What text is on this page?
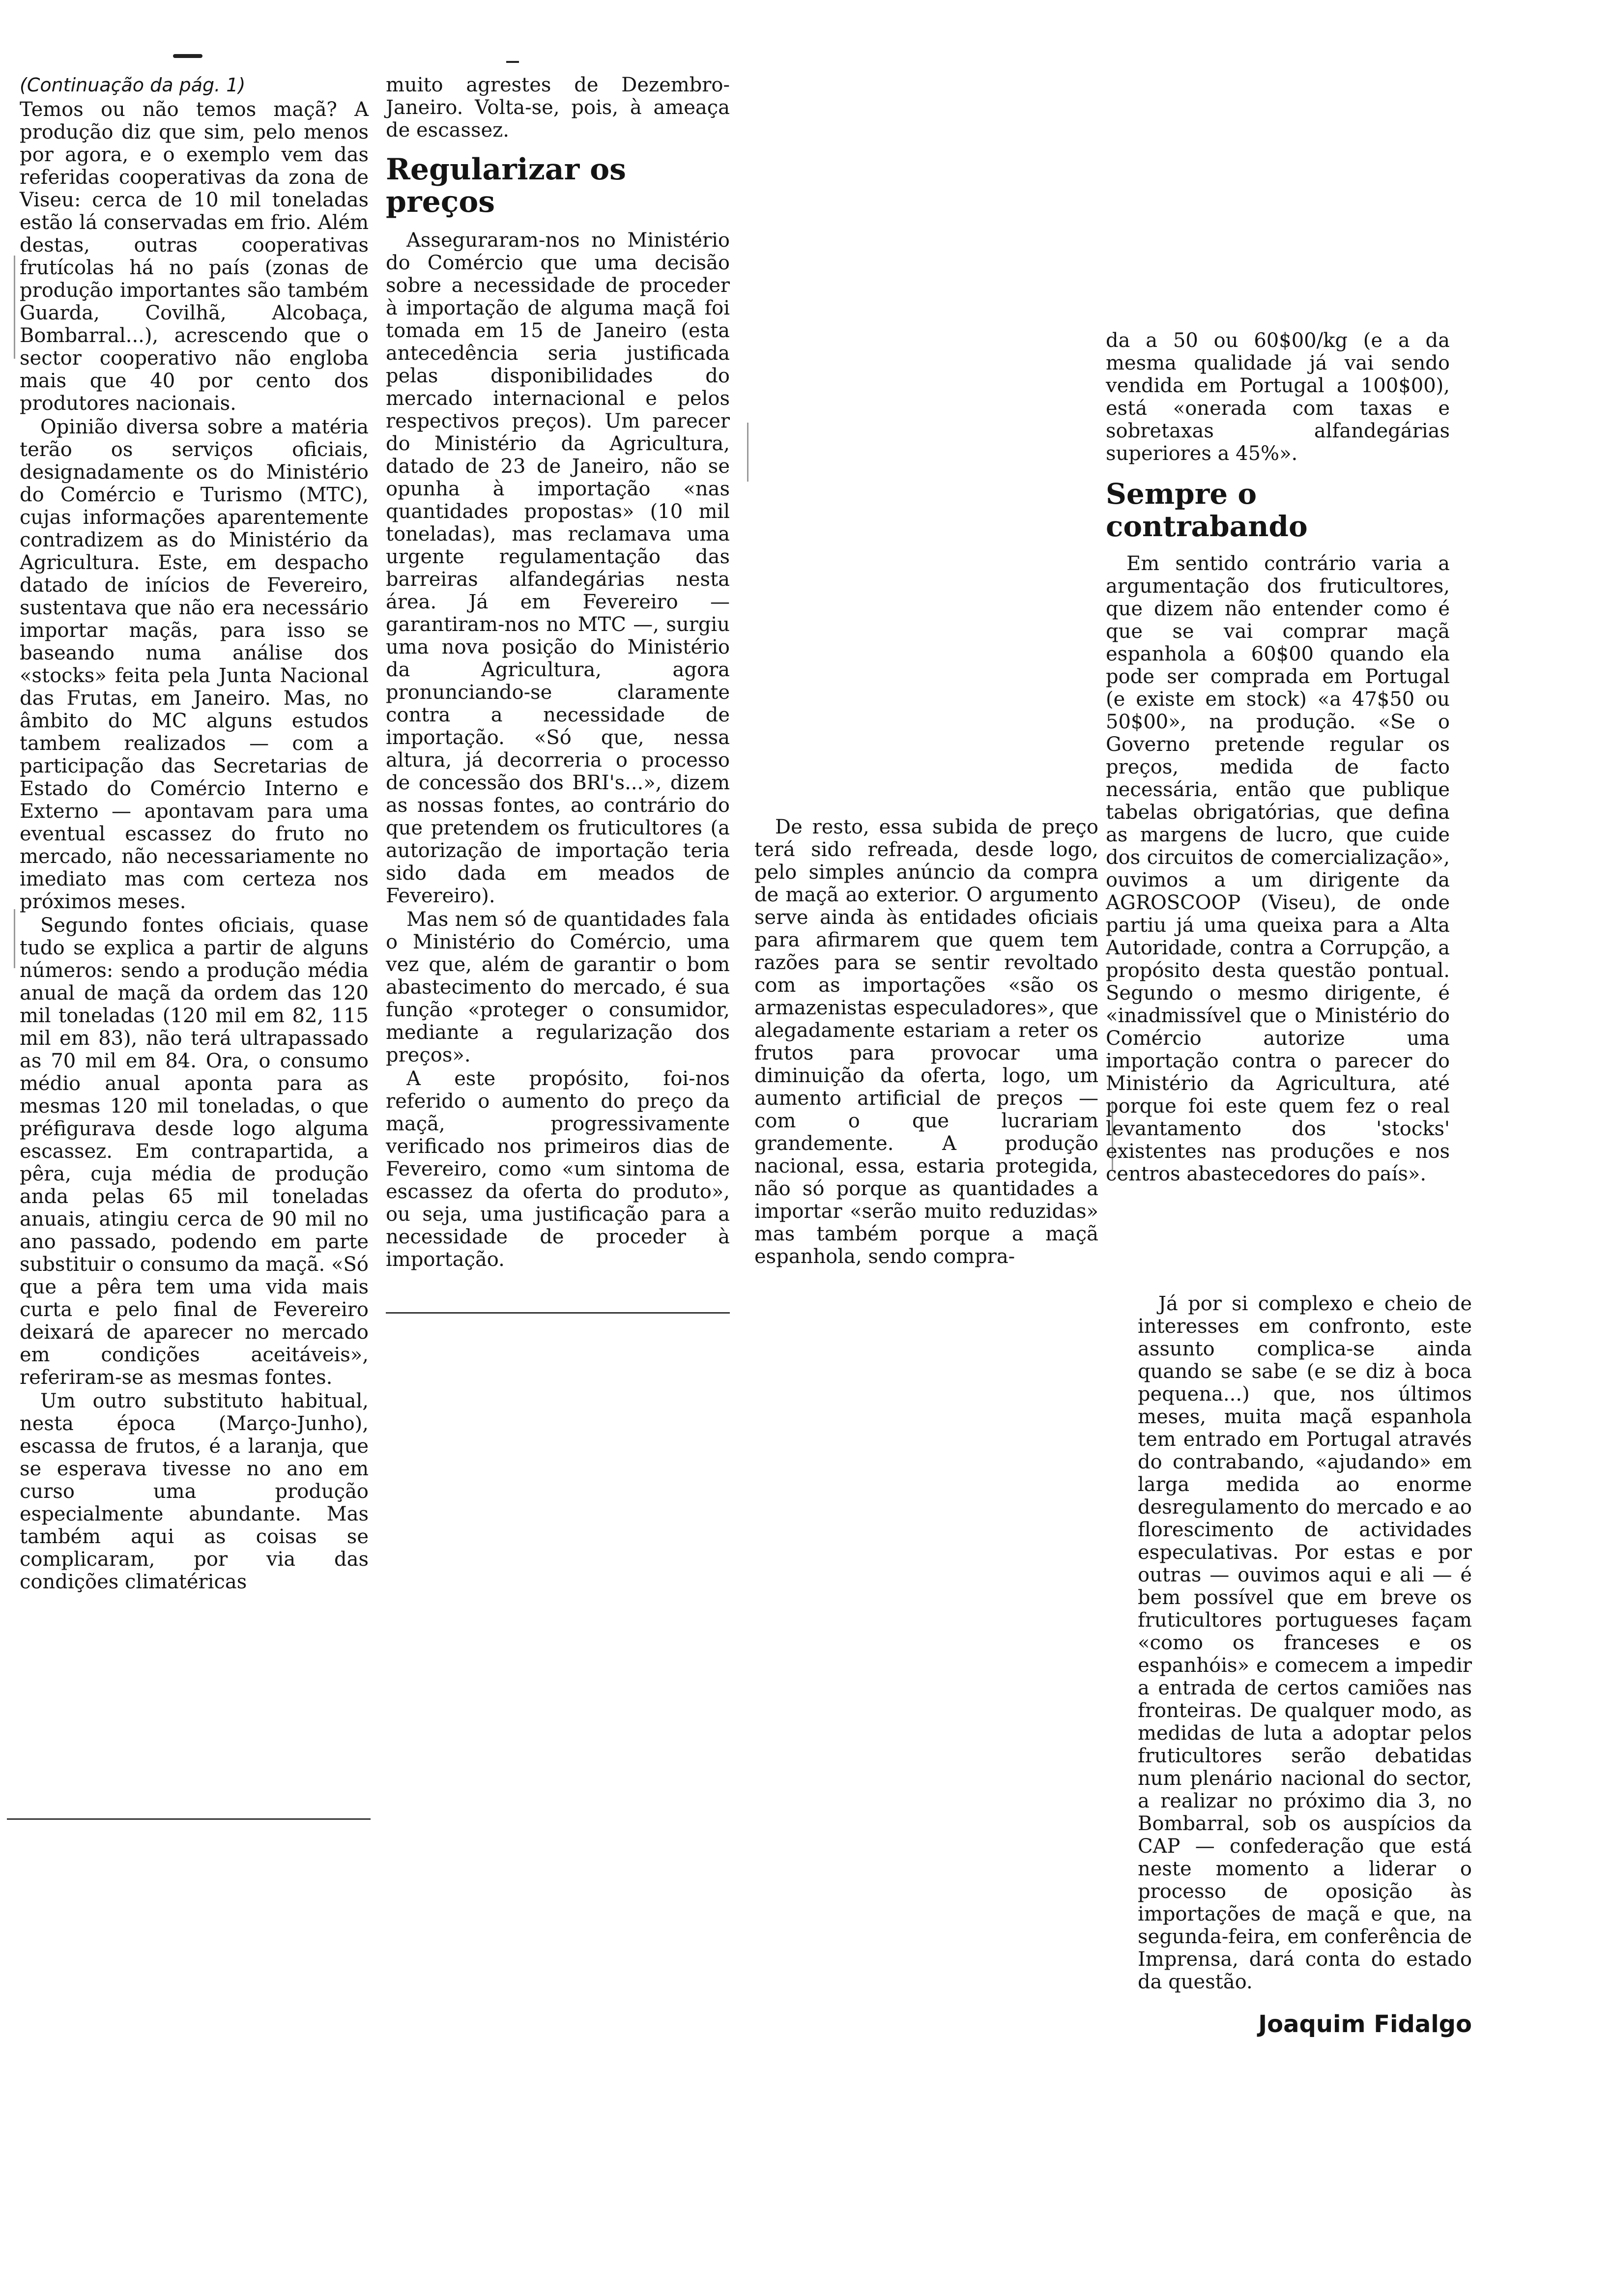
(Continuação da pág. 1)

Temos ou não temos maçã? A produção diz que sim, pelo menos por agora, e o exemplo vem das referidas cooperativas da zona de Viseu: cerca de 10 mil toneladas estão lá conservadas em frio. Além destas, outras cooperativas frutícolas há no país (zonas de produção importantes são também Guarda, Covilhã, Alcobaça, Bombarral...), acrescendo que o sector cooperativo não engloba mais que 40 por cento dos produtores nacionais.

Opinião diversa sobre a matéria terão os serviços oficiais, designadamente os do Ministério do Comércio e Turismo (MTC), cujas informações aparentemente contradizem as do Ministério da Agricultura. Este, em despacho datado de inícios de Fevereiro, sustentava que não era necessário importar maçãs, para isso se baseando numa análise dos «stocks» feita pela Junta Nacional das Frutas, em Janeiro. Mas, no âmbito do MC alguns estudos tambem realizados — com a participação das Secretarias de Estado do Comércio Interno e Externo — apontavam para uma eventual escassez do fruto no mercado, não necessariamente no imediato mas com certeza nos próximos meses.

Segundo fontes oficiais, quase tudo se explica a partir de alguns números: sendo a produção média anual de maçã da ordem das 120 mil toneladas (120 mil em 82, 115 mil em 83), não terá ultrapassado as 70 mil em 84. Ora, o consumo médio anual aponta para as mesmas 120 mil toneladas, o que préfigurava desde logo alguma escassez. Em contrapartida, a pêra, cuja média de produção anda pelas 65 mil toneladas anuais, atingiu cerca de 90 mil no ano passado, podendo em parte substituir o consumo da maçã. «Só que a pêra tem uma vida mais curta e pelo final de Fevereiro deixará de aparecer no mercado em condições aceitáveis», referiram-se as mesmas fontes.

Um outro substituto habitual, nesta época (Março-Junho), escassa de frutos, é a laranja, que se esperava tivesse no ano em curso uma produção especialmente abundante. Mas também aqui as coisas se complicaram, por via das condições climatéricas

muito agrestes de Dezembro-Janeiro. Volta-se, pois, à ameaça de escassez.

Regularizar os preços

Asseguraram-nos no Ministério do Comércio que uma decisão sobre a necessidade de proceder à importação de alguma maçã foi tomada em 15 de Janeiro (esta antecedência seria justificada pelas disponibilidades do mercado internacional e pelos respectivos preços). Um parecer do Ministério da Agricultura, datado de 23 de Janeiro, não se opunha à importação «nas quantidades propostas» (10 mil toneladas), mas reclamava uma urgente regulamentação das barreiras alfandegárias nesta área. Já em Fevereiro — garantiram-nos no MTC —, surgiu uma nova posição do Ministério da Agricultura, agora pronunciando-se claramente contra a necessidade de importação. «Só que, nessa altura, já decorreria o processo de concessão dos BRI's...», dizem as nossas fontes, ao contrário do que pretendem os fruticultores (a autorização de importação teria sido dada em meados de Fevereiro).

Mas nem só de quantidades fala o Ministério do Comércio, uma vez que, além de garantir o bom abastecimento do mercado, é sua função «proteger o consumidor, mediante a regularização dos preços».

A este propósito, foi-nos referido o aumento do preço da maçã, progressivamente verificado nos primeiros dias de Fevereiro, como «um sintoma de escassez da oferta do produto», ou seja, uma justificação para a necessidade de proceder à importação.

De resto, essa subida de preço terá sido refreada, desde logo, pelo simples anúncio da compra de maçã ao exterior. O argumento serve ainda às entidades oficiais para afirmarem que quem tem razões para se sentir revoltado com as importações «são os armazenistas especuladores», que alegadamente estariam a reter os frutos para provocar uma diminuição da oferta, logo, um aumento artificial de preços — com o que lucrariam grandemente. A produção nacional, essa, estaria protegida, não só porque as quantidades a importar «serão muito reduzidas» mas também porque a maçã espanhola, sendo compra-

da a 50 ou 60$00/kg (e a da mesma qualidade já vai sendo vendida em Portugal a 100$00), está «onerada com taxas e sobretaxas alfandegárias superiores a 45%».

Sempre o contrabando

Em sentido contrário varia a argumentação dos fruticultores, que dizem não entender como é que se vai comprar maçã espanhola a 60$00 quando ela pode ser comprada em Portugal (e existe em stock) «a 47$50 ou 50$00», na produção. «Se o Governo pretende regular os preços, medida de facto necessária, então que publique tabelas obrigatórias, que defina as margens de lucro, que cuide dos circuitos de comercialização», ouvimos a um dirigente da AGROSCOOP (Viseu), de onde partiu já uma queixa para a Alta Autoridade, contra a Corrupção, a propósito desta questão pontual. Segundo o mesmo dirigente, é «inadmissível que o Ministério do Comércio autorize uma importação contra o parecer do Ministério da Agricultura, até porque foi este quem fez o real levantamento dos 'stocks' existentes nas produções e nos centros abastecedores do país».

Já por si complexo e cheio de interesses em confronto, este assunto complica-se ainda quando se sabe (e se diz à boca pequena...) que, nos últimos meses, muita maçã espanhola tem entrado em Portugal através do contrabando, «ajudando» em larga medida ao enorme desregulamento do mercado e ao florescimento de actividades especulativas. Por estas e por outras — ouvimos aqui e ali — é bem possível que em breve os fruticultores portugueses façam «como os franceses e os espanhóis» e comecem a impedir a entrada de certos camiões nas fronteiras. De qualquer modo, as medidas de luta a adoptar pelos fruticultores serão debatidas num plenário nacional do sector, a realizar no próximo dia 3, no Bombarral, sob os auspícios da CAP — confederação que está neste momento a liderar o processo de oposição às importações de maçã e que, na segunda-feira, em conferência de Imprensa, dará conta do estado da questão.

Joaquim Fidalgo
